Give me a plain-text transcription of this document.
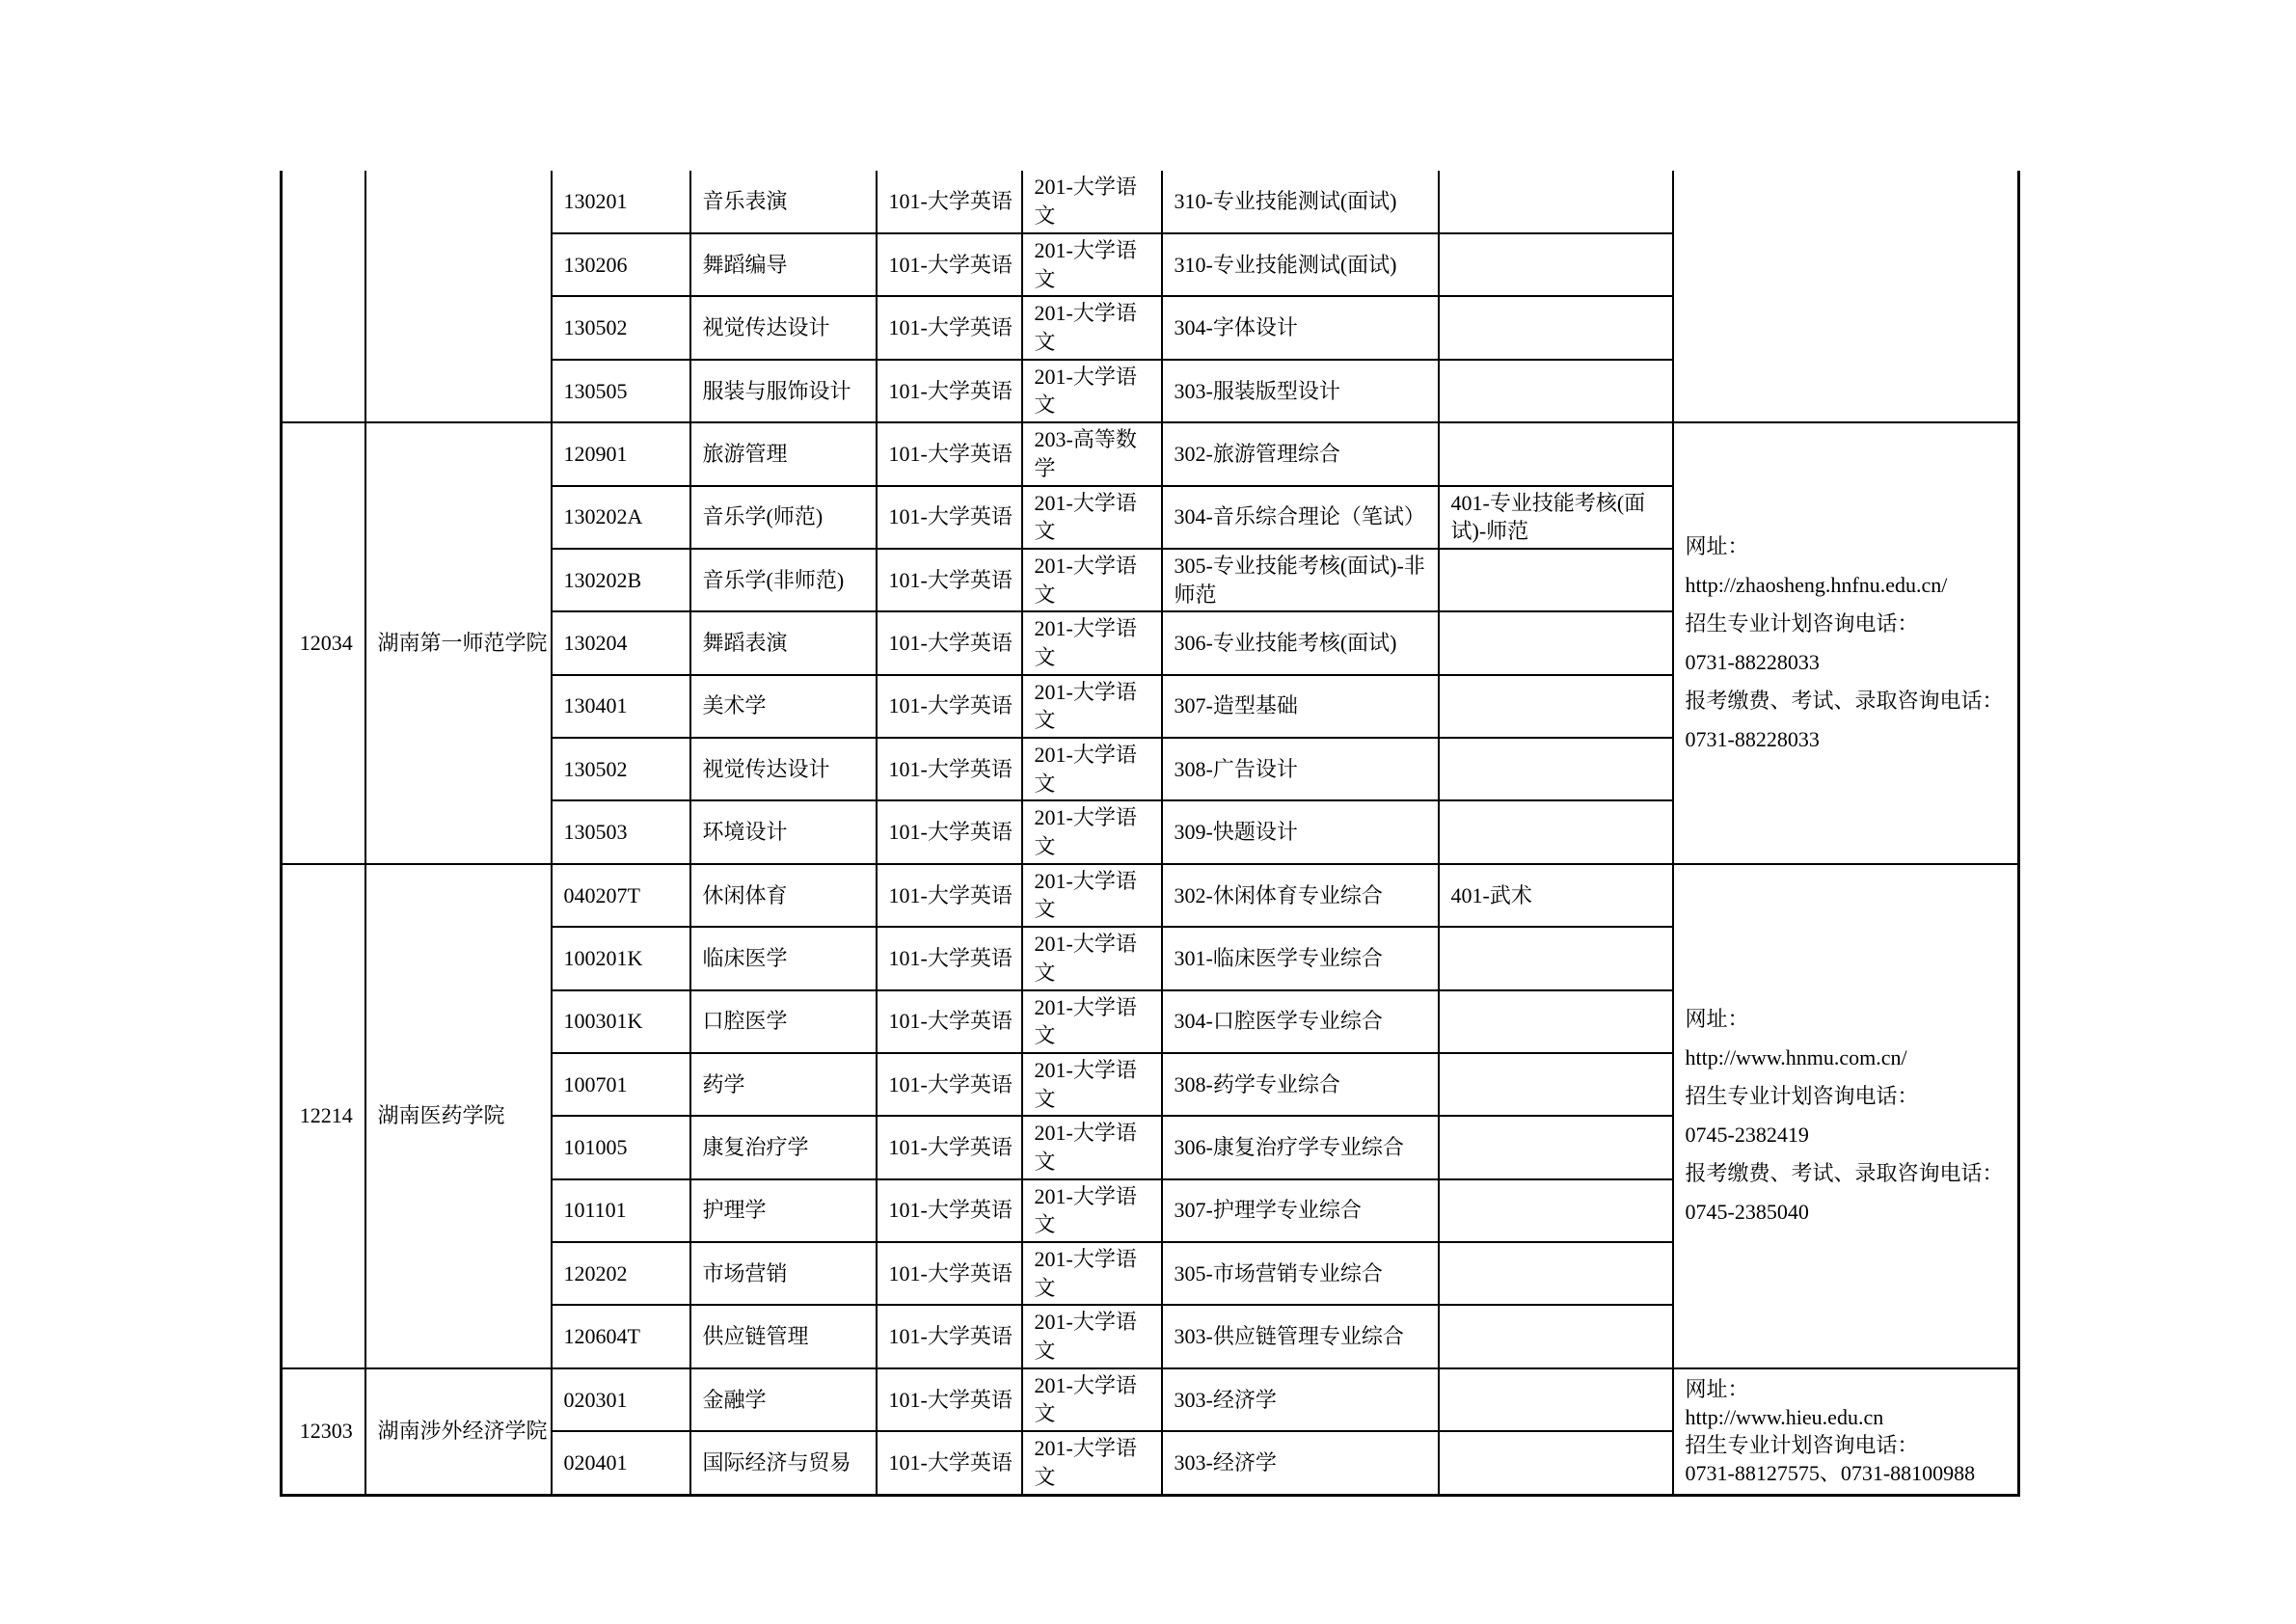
		130201	音乐表演	101-大学英语	201-大学语文	310-专业技能测试(面试)		
		130206	舞蹈编导	101-大学英语	201-大学语文	310-专业技能测试(面试)		
		130502	视觉传达设计	101-大学英语	201-大学语文	304-字体设计		
		130505	服装与服饰设计	101-大学英语	201-大学语文	303-服装版型设计		
12034	湖南第一师范学院	120901	旅游管理	101-大学英语	203-高等数学	302-旅游管理综合		
网址：
http://zhaosheng.hnfnu.edu.cn/
招生专业计划咨询电话：
0731-88228033
报考缴费、考试、录取咨询电话：
0731-88228033

		130202A	音乐学(师范)	101-大学英语	201-大学语文	304-音乐综合理论（笔试）	401-专业技能考核(面试)-师范	
		130202B	音乐学(非师范)	101-大学英语	201-大学语文	305-专业技能考核(面试)-非师范		
		130204	舞蹈表演	101-大学英语	201-大学语文	306-专业技能考核(面试)		
		130401	美术学	101-大学英语	201-大学语文	307-造型基础		
		130502	视觉传达设计	101-大学英语	201-大学语文	308-广告设计		
		130503	环境设计	101-大学英语	201-大学语文	309-快题设计		
12214	湖南医药学院	040207T	休闲体育	101-大学英语	201-大学语文	302-休闲体育专业综合	401-武术	
网址：
http://www.hnmu.com.cn/
招生专业计划咨询电话：
0745-2382419
报考缴费、考试、录取咨询电话：
0745-2385040

		100201K	临床医学	101-大学英语	201-大学语文	301-临床医学专业综合		
		100301K	口腔医学	101-大学英语	201-大学语文	304-口腔医学专业综合		
		100701	药学	101-大学英语	201-大学语文	308-药学专业综合		
		101005	康复治疗学	101-大学英语	201-大学语文	306-康复治疗学专业综合		
		101101	护理学	101-大学英语	201-大学语文	307-护理学专业综合		
		120202	市场营销	101-大学英语	201-大学语文	305-市场营销专业综合		
		120604T	供应链管理	101-大学英语	201-大学语文	303-供应链管理专业综合		
12303	湖南涉外经济学院	020301	金融学	101-大学英语	201-大学语文	303-经济学		网址：
http://www.hieu.edu.cn
招生专业计划咨询电话：
0731-88127575、0731-88100988

		020401	国际经济与贸易	101-大学英语	201-大学语文	303-经济学		
